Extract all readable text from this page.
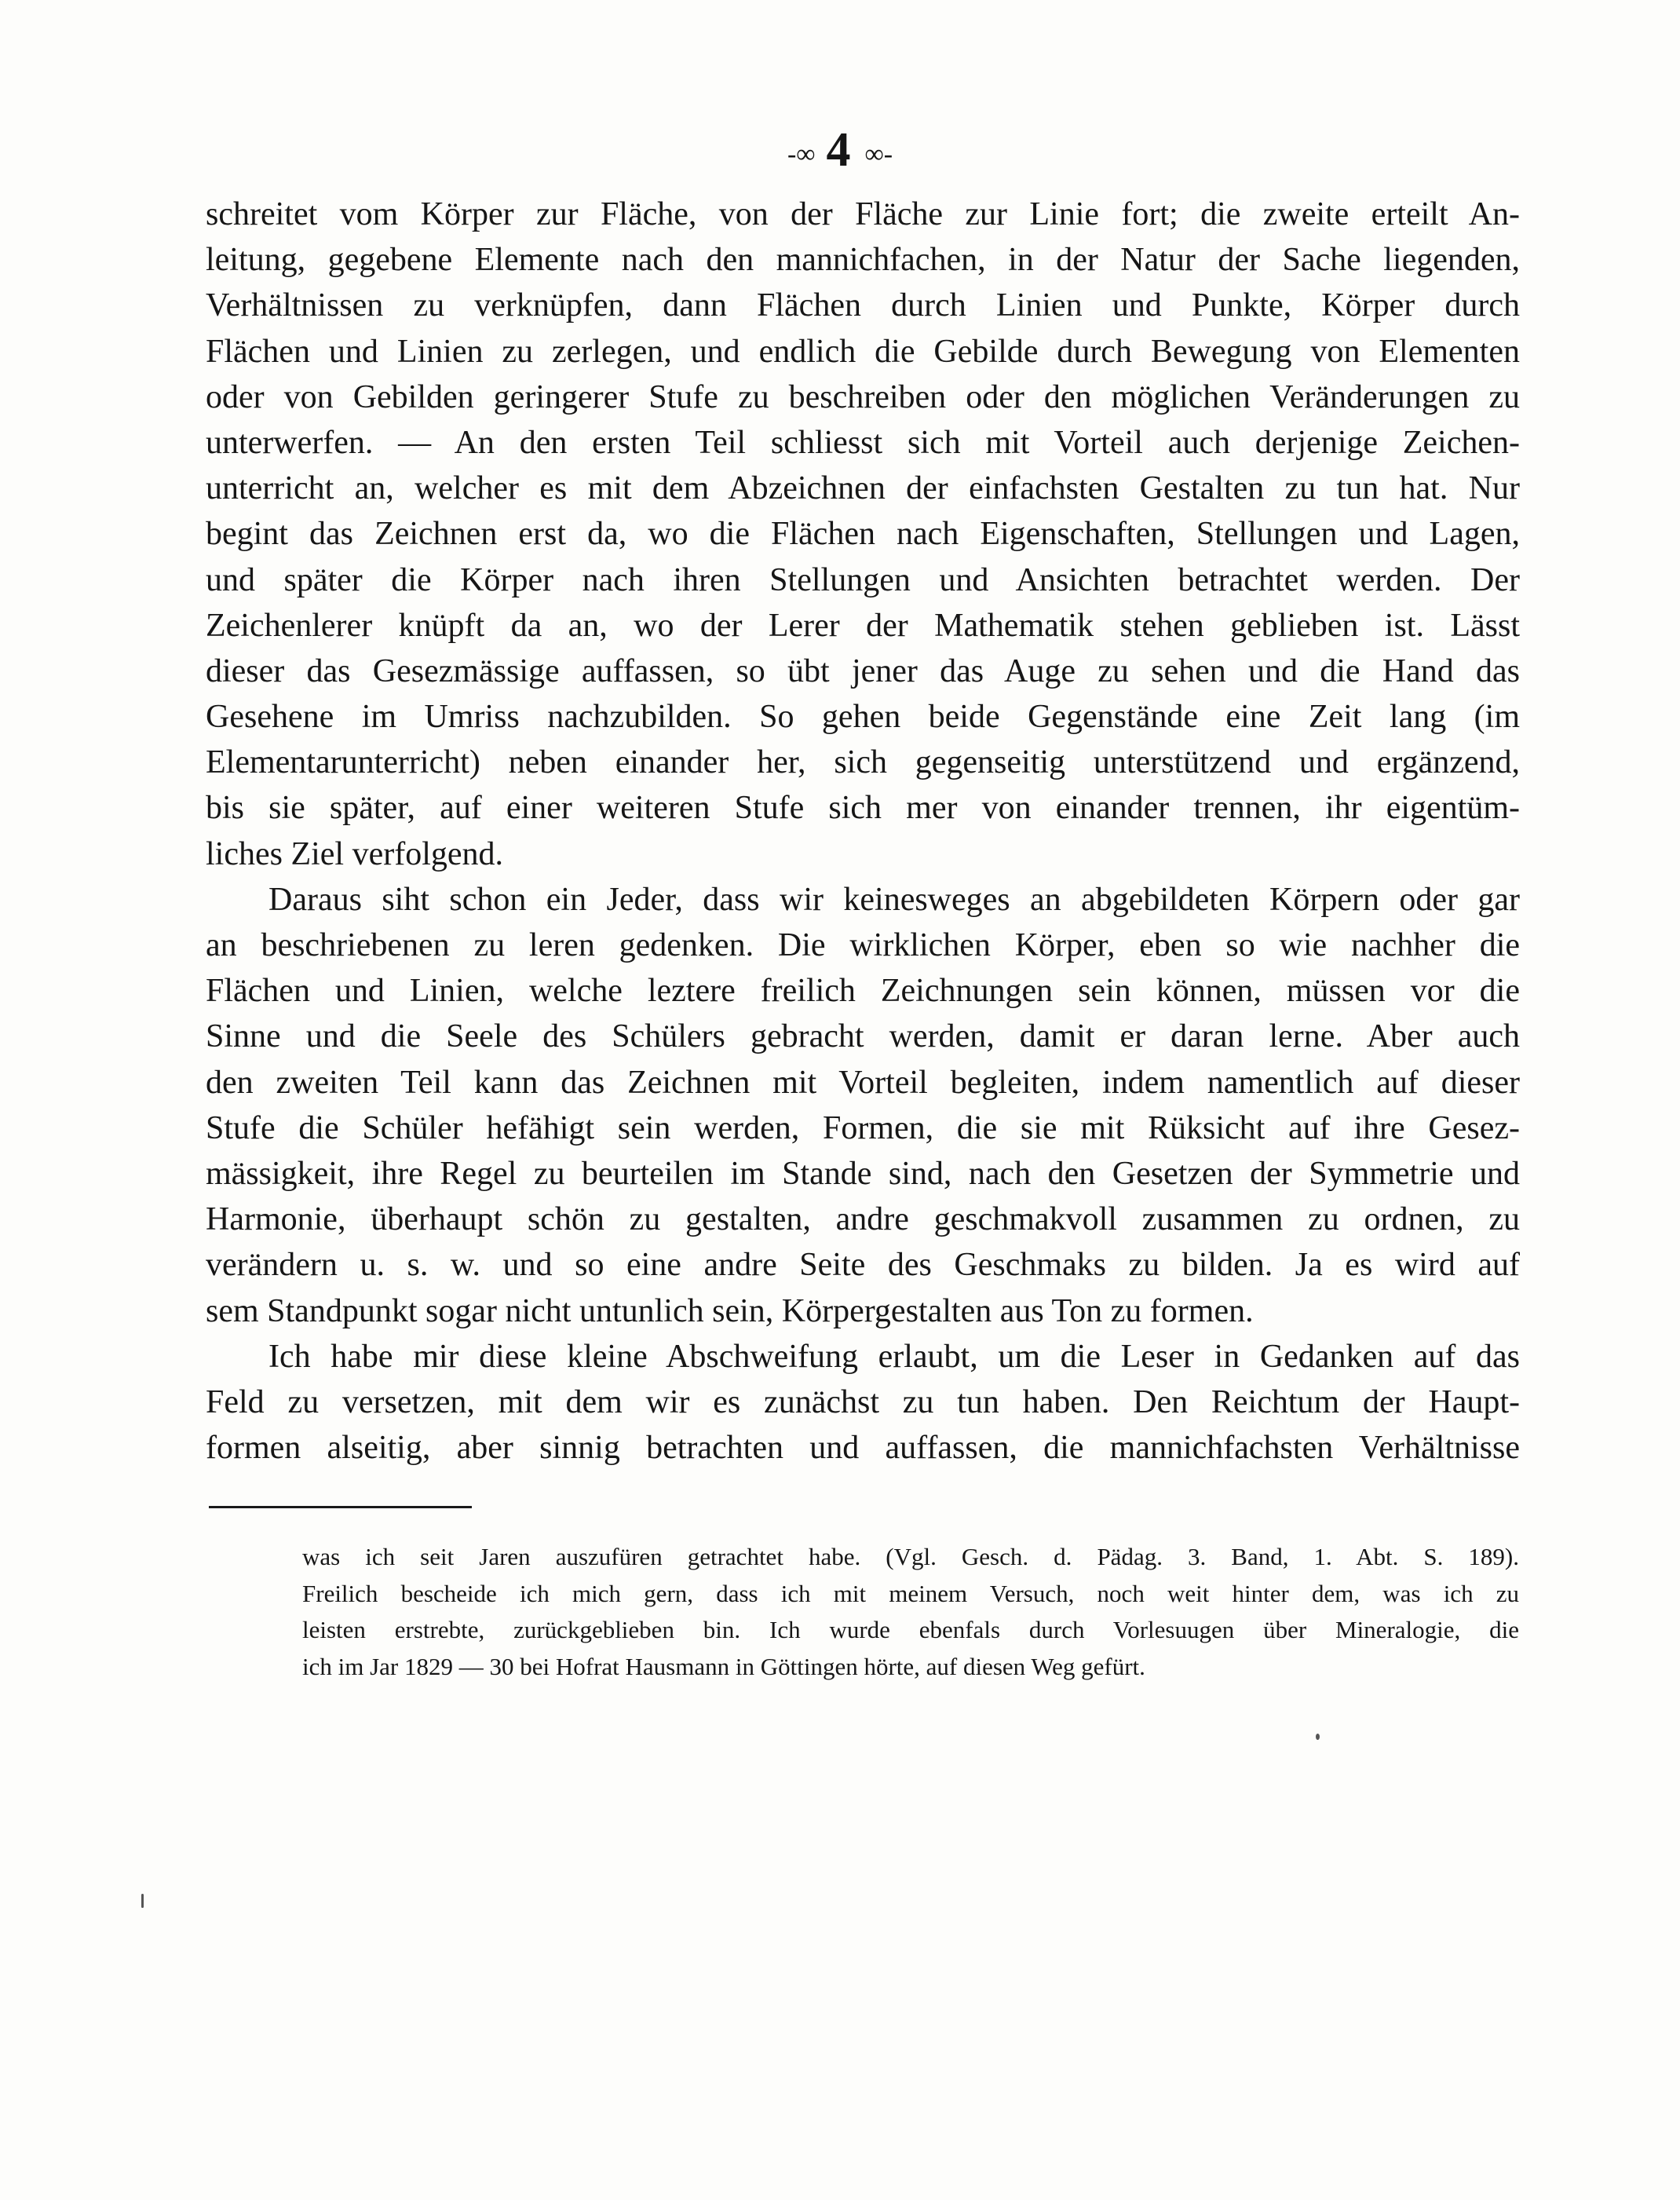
-∞ 4 ∞-
schreitet vom Körper zur Fläche, von der Fläche zur Linie fort; die zweite erteilt An-
leitung, gegebene Elemente nach den mannichfachen, in der Natur der Sache liegenden,
Verhältnissen zu verknüpfen, dann Flächen durch Linien und Punkte, Körper durch
Flächen und Linien zu zerlegen, und endlich die Gebilde durch Bewegung von Elementen
oder von Gebilden geringerer Stufe zu beschreiben oder den möglichen Veränderungen zu
unterwerfen. — An den ersten Teil schliesst sich mit Vorteil auch derjenige Zeichen-
unterricht an, welcher es mit dem Abzeichnen der einfachsten Gestalten zu tun hat. Nur
begint das Zeichnen erst da, wo die Flächen nach Eigenschaften, Stellungen und Lagen,
und später die Körper nach ihren Stellungen und Ansichten betrachtet werden. Der
Zeichenlerer knüpft da an, wo der Lerer der Mathematik stehen geblieben ist. Lässt
dieser das Gesezmässige auffassen, so übt jener das Auge zu sehen und die Hand das
Gesehene im Umriss nachzubilden. So gehen beide Gegenstände eine Zeit lang (im
Elementarunterricht) neben einander her, sich gegenseitig unterstützend und ergänzend,
bis sie später, auf einer weiteren Stufe sich mer von einander trennen, ihr eigentüm-
liches Ziel verfolgend.
Daraus siht schon ein Jeder, dass wir keinesweges an abgebildeten Körpern oder gar
an beschriebenen zu leren gedenken. Die wirklichen Körper, eben so wie nachher die
Flächen und Linien, welche leztere freilich Zeichnungen sein können, müssen vor die
Sinne und die Seele des Schülers gebracht werden, damit er daran lerne. Aber auch
den zweiten Teil kann das Zeichnen mit Vorteil begleiten, indem namentlich auf dieser
Stufe die Schüler hefähigt sein werden, Formen, die sie mit Rüksicht auf ihre Gesez-
mässigkeit, ihre Regel zu beurteilen im Stande sind, nach den Gesetzen der Symmetrie und
Harmonie, überhaupt schön zu gestalten, andre geschmakvoll zusammen zu ordnen, zu
verändern u. s. w. und so eine andre Seite des Geschmaks zu bilden. Ja es wird auf
sem Standpunkt sogar nicht untunlich sein, Körpergestalten aus Ton zu formen.
Ich habe mir diese kleine Abschweifung erlaubt, um die Leser in Gedanken auf das
Feld zu versetzen, mit dem wir es zunächst zu tun haben. Den Reichtum der Haupt-
formen alseitig, aber sinnig betrachten und auffassen, die mannichfachsten Verhältnisse
was ich seit Jaren auszufüren getrachtet habe. (Vgl. Gesch. d. Pädag. 3. Band, 1. Abt. S. 189).
Freilich bescheide ich mich gern, dass ich mit meinem Versuch, noch weit hinter dem, was ich zu
leisten erstrebte, zurückgeblieben bin. Ich wurde ebenfals durch Vorlesuugen über Mineralogie, die
ich im Jar 1829 — 30 bei Hofrat Hausmann in Göttingen hörte, auf diesen Weg gefürt.
